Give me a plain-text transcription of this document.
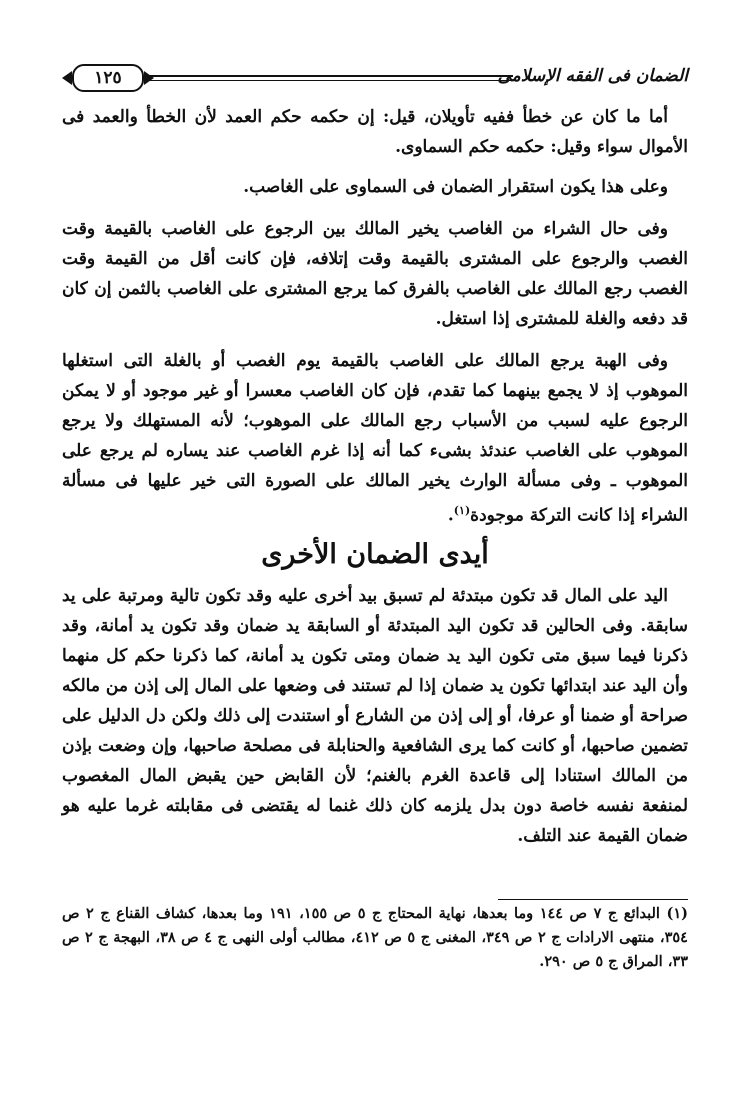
الضمان فى الفقه الإسلامى
١٢٥

أما ما كان عن خطأ ففيه تأويلان، قيل: إن حكمه حكم العمد لأن الخطأ والعمد فى الأموال سواء وقيل: حكمه حكم السماوى.

وعلى هذا يكون استقرار الضمان فى السماوى على الغاصب.

وفى حال الشراء من الغاصب يخير المالك بين الرجوع على الغاصب بالقيمة وقت الغصب والرجوع على المشترى بالقيمة وقت إتلافه، فإن كانت أقل من القيمة وقت الغصب رجع المالك على الغاصب بالفرق كما يرجع المشترى على الغاصب بالثمن إن كان قد دفعه والغلة للمشترى إذا استغل.

وفى الهبة يرجع المالك على الغاصب بالقيمة يوم الغصب أو بالغلة التى استغلها الموهوب إذ لا يجمع بينهما كما تقدم، فإن كان الغاصب معسرا أو غير موجود أو لا يمكن الرجوع عليه لسبب من الأسباب رجع المالك على الموهوب؛ لأنه المستهلك ولا يرجع الموهوب على الغاصب عندئذ بشىء كما أنه إذا غرم الغاصب عند يساره لم يرجع على الموهوب ـ وفى مسألة الوارث يخير المالك على الصورة التى خير عليها فى مسألة الشراء إذا كانت التركة موجودة$^{(١)}$.

أيدى الضمان الأخرى

اليد على المال قد تكون مبتدئة لم تسبق بيد أخرى عليه وقد تكون تالية ومرتبة على يد سابقة. وفى الحالين قد تكون اليد المبتدئة أو السابقة يد ضمان وقد تكون يد أمانة، وقد ذكرنا فيما سبق متى تكون اليد يد ضمان ومتى تكون يد أمانة، كما ذكرنا حكم كل منهما وأن اليد عند ابتدائها تكون يد ضمان إذا لم تستند فى وضعها على المال إلى إذن من مالكه صراحة أو ضمنا أو عرفا، أو إلى إذن من الشارع أو استندت إلى ذلك ولكن دل الدليل على تضمين صاحبها، أو كانت كما يرى الشافعية والحنابلة فى مصلحة صاحبها، وإن وضعت بإذن من المالك استنادا إلى قاعدة الغرم بالغنم؛ لأن القابض حين يقبض المال المغصوب لمنفعة نفسه خاصة دون بدل يلزمه كان ذلك غنما له يقتضى فى مقابلته غرما عليه هو ضمان القيمة عند التلف.

(١) البدائع ج ٧ ص ١٤٤ وما بعدها، نهاية المحتاج ج ٥ ص ١٥٥، ١٩١ وما بعدها، كشاف القناع ج ٢ ص ٣٥٤، منتهى الارادات ج ٢ ص ٣٤٩، المغنى ج ٥ ص ٤١٢، مطالب أولى النهى ج ٤ ص ٣٨، البهجة ج ٢ ص ٣٣، المراق ج ٥ ص ٢٩٠.
